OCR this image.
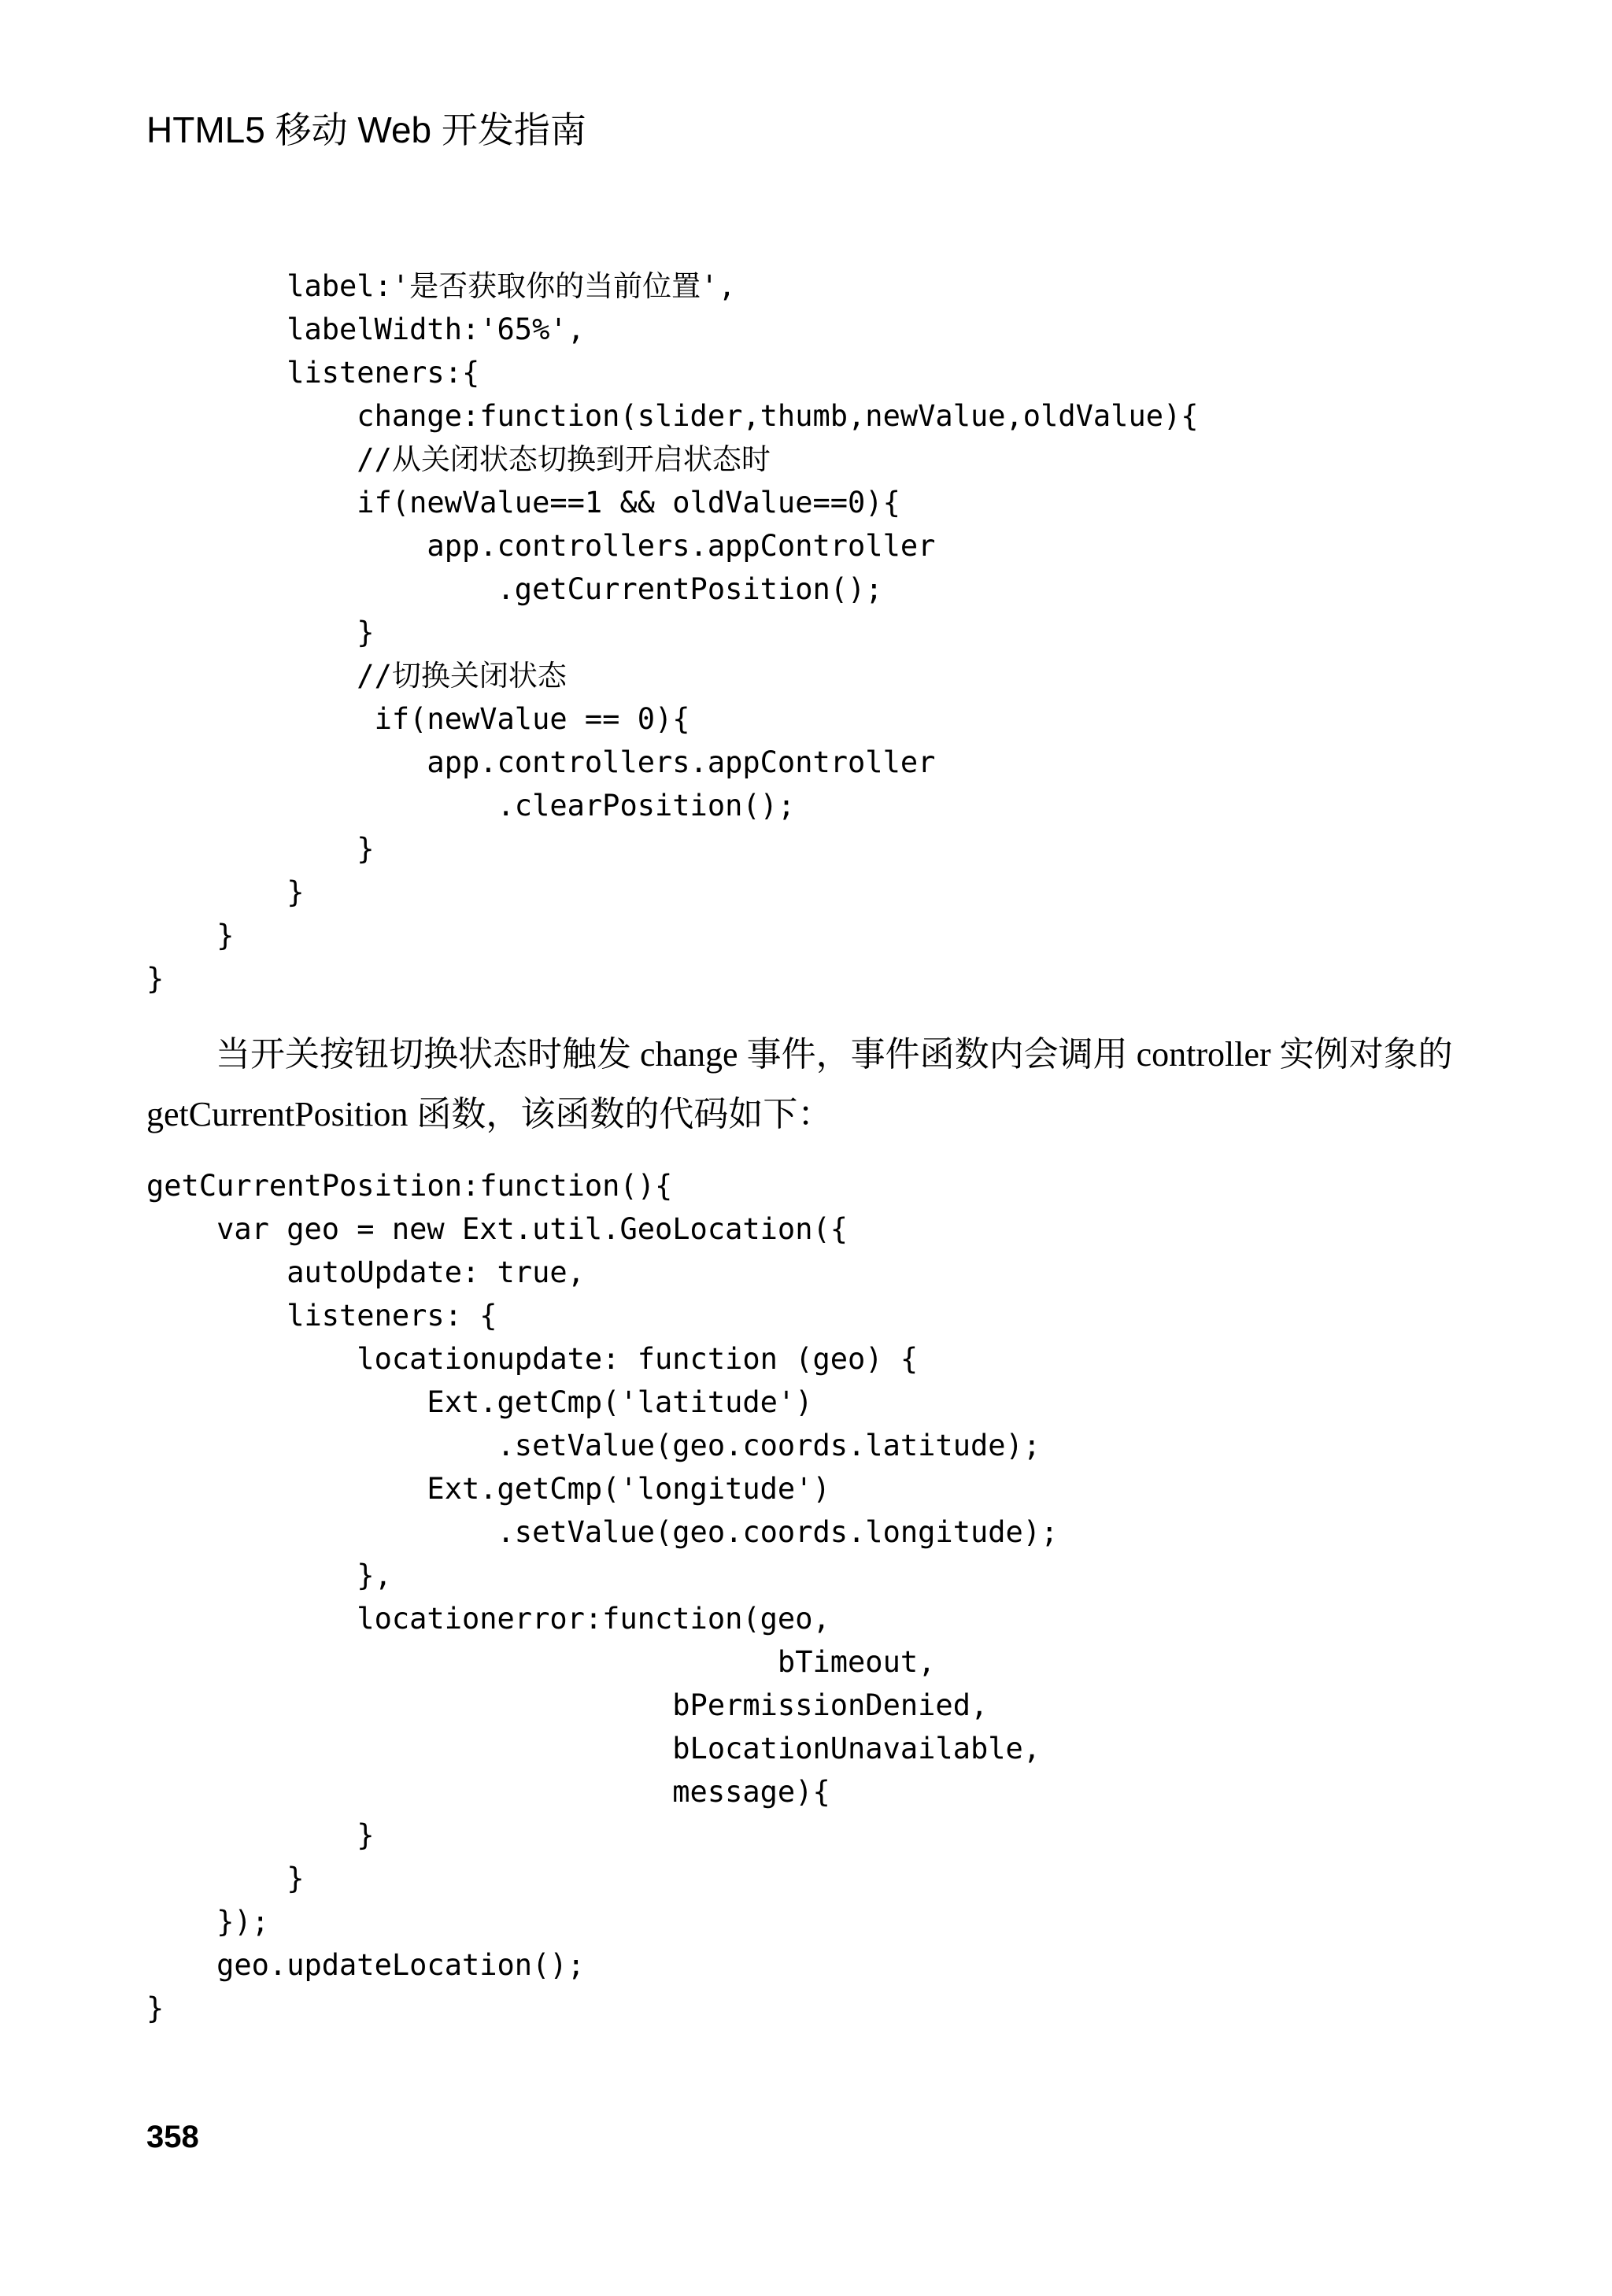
HTML5 移动 Web 开发指南
label:'是否获取你的当前位置',
labelWidth:'65%',
listeners:{
change:function(slider,thumb,newValue,oldValue){
//从关闭状态切换到开启状态时
if(newValue==1 && oldValue==0){
app.controllers.appController
.getCurrentPosition();
}
//切换关闭状态
if(newValue == 0){
app.controllers.appController
.clearPosition();
}
}
}
}
当开关按钮切换状态时触发 change 事件，事件函数内会调用 controller 实例对象的
getCurrentPosition 函数，该函数的代码如下：
getCurrentPosition:function(){
var geo = new Ext.util.GeoLocation({
autoUpdate: true,
listeners: {
locationupdate: function (geo) {
Ext.getCmp('latitude')
.setValue(geo.coords.latitude);
Ext.getCmp('longitude')
.setValue(geo.coords.longitude);
},
locationerror:function(geo,
bTimeout,
bPermissionDenied,
bLocationUnavailable,
message){
}
}
});
geo.updateLocation();
}
358
